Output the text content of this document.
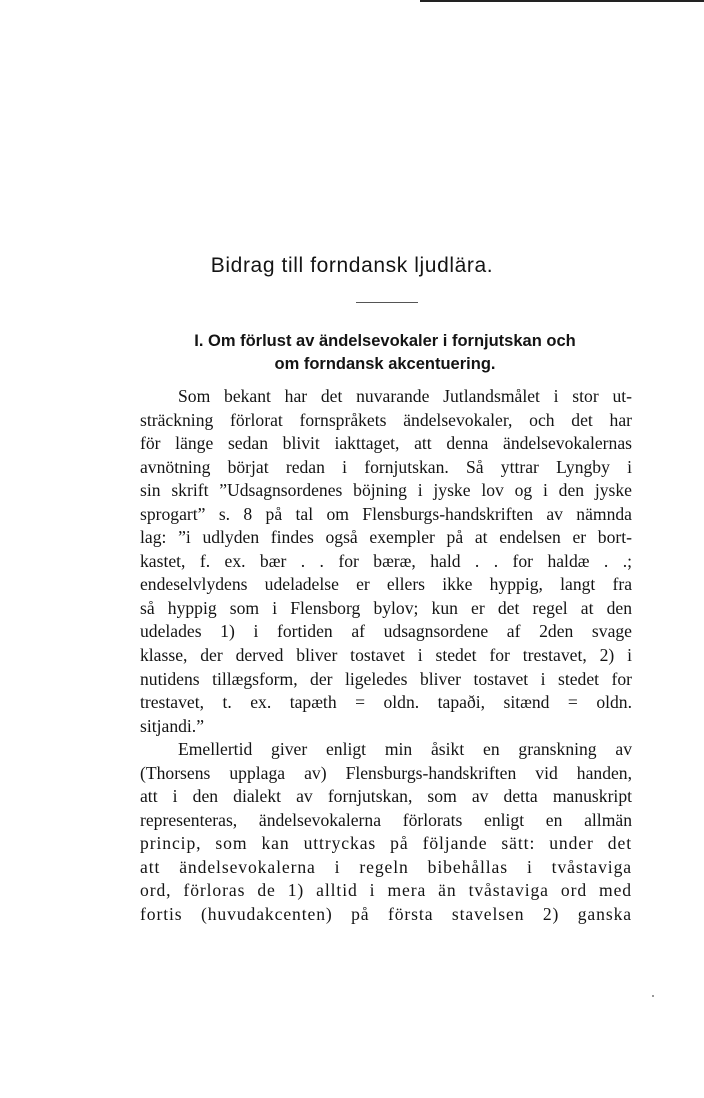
Bidrag till forndansk ljudlära.
I. Om förlust av ändelsevokaler i fornjutskan och
om forndansk akcentuering.
Som bekant har det nuvarande Jutlandsmålet i stor ut-
sträckning förlorat fornspråkets ändelsevokaler, och det har
för länge sedan blivit iakttaget, att denna ändelsevokalernas
avnötning börjat redan i fornjutskan. Så yttrar Lyngby i
sin skrift ”Udsagnsordenes böjning i jyske lov og i den jyske
sprogart” s. 8 på tal om Flensburgs-handskriften av nämnda
lag: ”i udlyden findes også exempler på at endelsen er bort-
kastet, f. ex. bær . . for bæræ, hald . . for haldæ . .;
endeselvlydens udeladelse er ellers ikke hyppig, langt fra
så hyppig som i Flensborg bylov; kun er det regel at den
udelades 1) i fortiden af udsagnsordene af 2den svage
klasse, der derved bliver tostavet i stedet for trestavet, 2) i
nutidens tillægsform, der ligeledes bliver tostavet i stedet for
trestavet, t. ex. tapæth = oldn. tapaði, sitænd = oldn.
sitjandi.”
Emellertid giver enligt min åsikt en granskning av
(Thorsens upplaga av) Flensburgs-handskriften vid handen,
att i den dialekt av fornjutskan, som av detta manuskript
representeras, ändelsevokalerna förlorats enligt en allmän
princip, som kan uttryckas på följande sätt: under det
att ändelsevokalerna i regeln bibehållas i tvåstaviga
ord, förloras de 1) alltid i mera än tvåstaviga ord med
fortis (huvudakcenten) på första stavelsen 2) ganska
